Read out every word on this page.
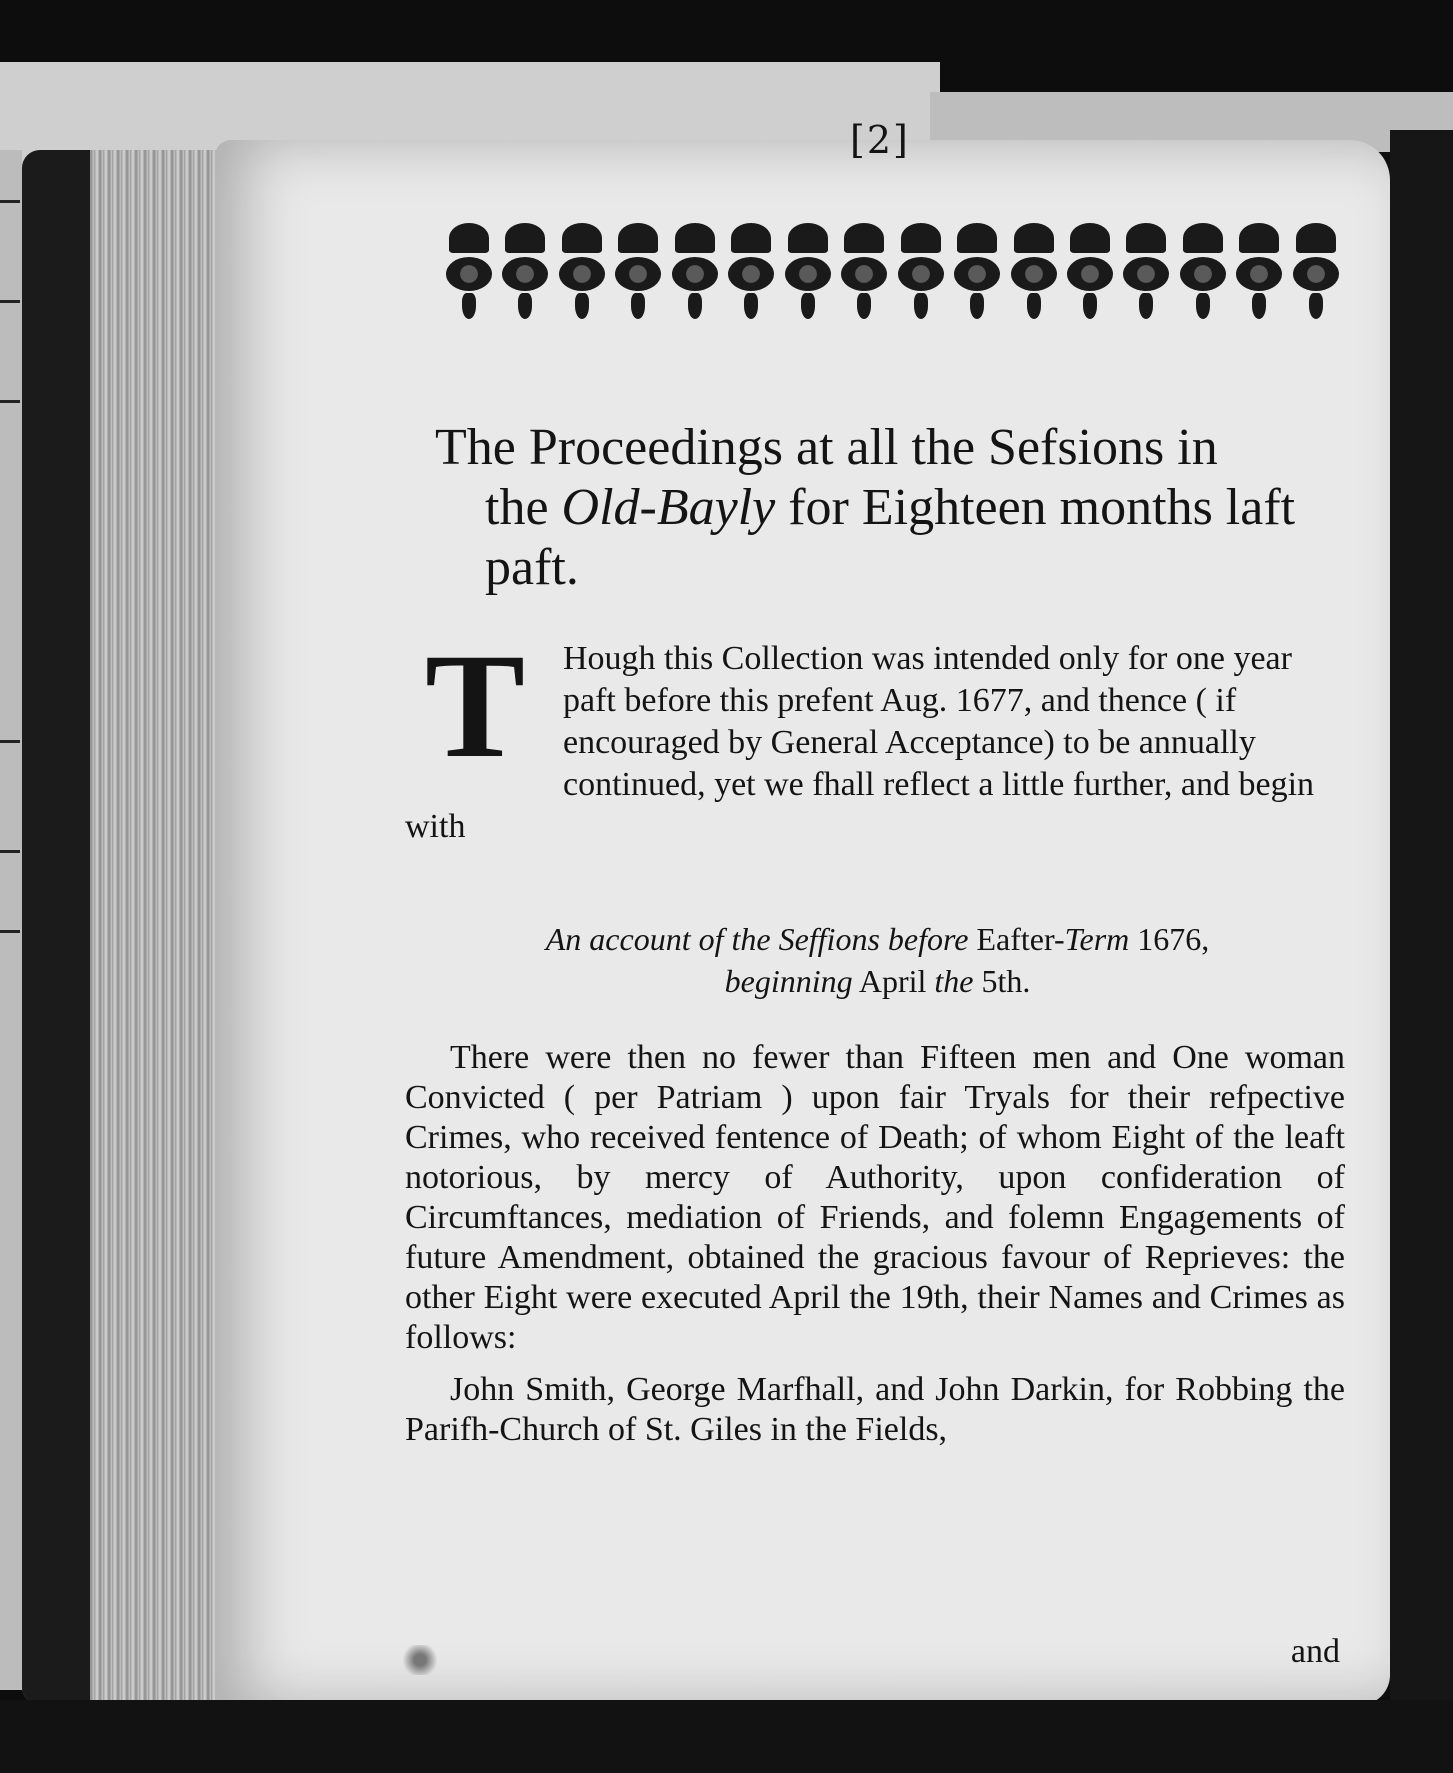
[2]
The Proceedings at all the Sefsions in
the Old-Bayly for Eighteen months laft
paft.
T	Hough this Collection was intended only for one year paft before this prefent Aug. 1677, and thence ( if encouraged by General Acceptance) to be annually continued, yet we fhall reflect a little further, and begin with
An account of the Seffions before Eafter-Term 1676,
beginning April the 5th.

There were then no fewer than Fifteen men and One woman Convicted ( per Patriam ) upon fair Tryals for their refpective Crimes, who received fentence of Death; of whom Eight of the leaft notorious, by mercy of Authority, upon confideration of Circumftances, mediation of Friends, and folemn Engagements of future Amendment, obtained the gracious favour of Reprieves: the other Eight were executed April the 19th, their Names and Crimes as follows:

John Smith, George Marfhall, and John Darkin, for Robbing the Parifh-Church of St. Giles in the Fields,

and
